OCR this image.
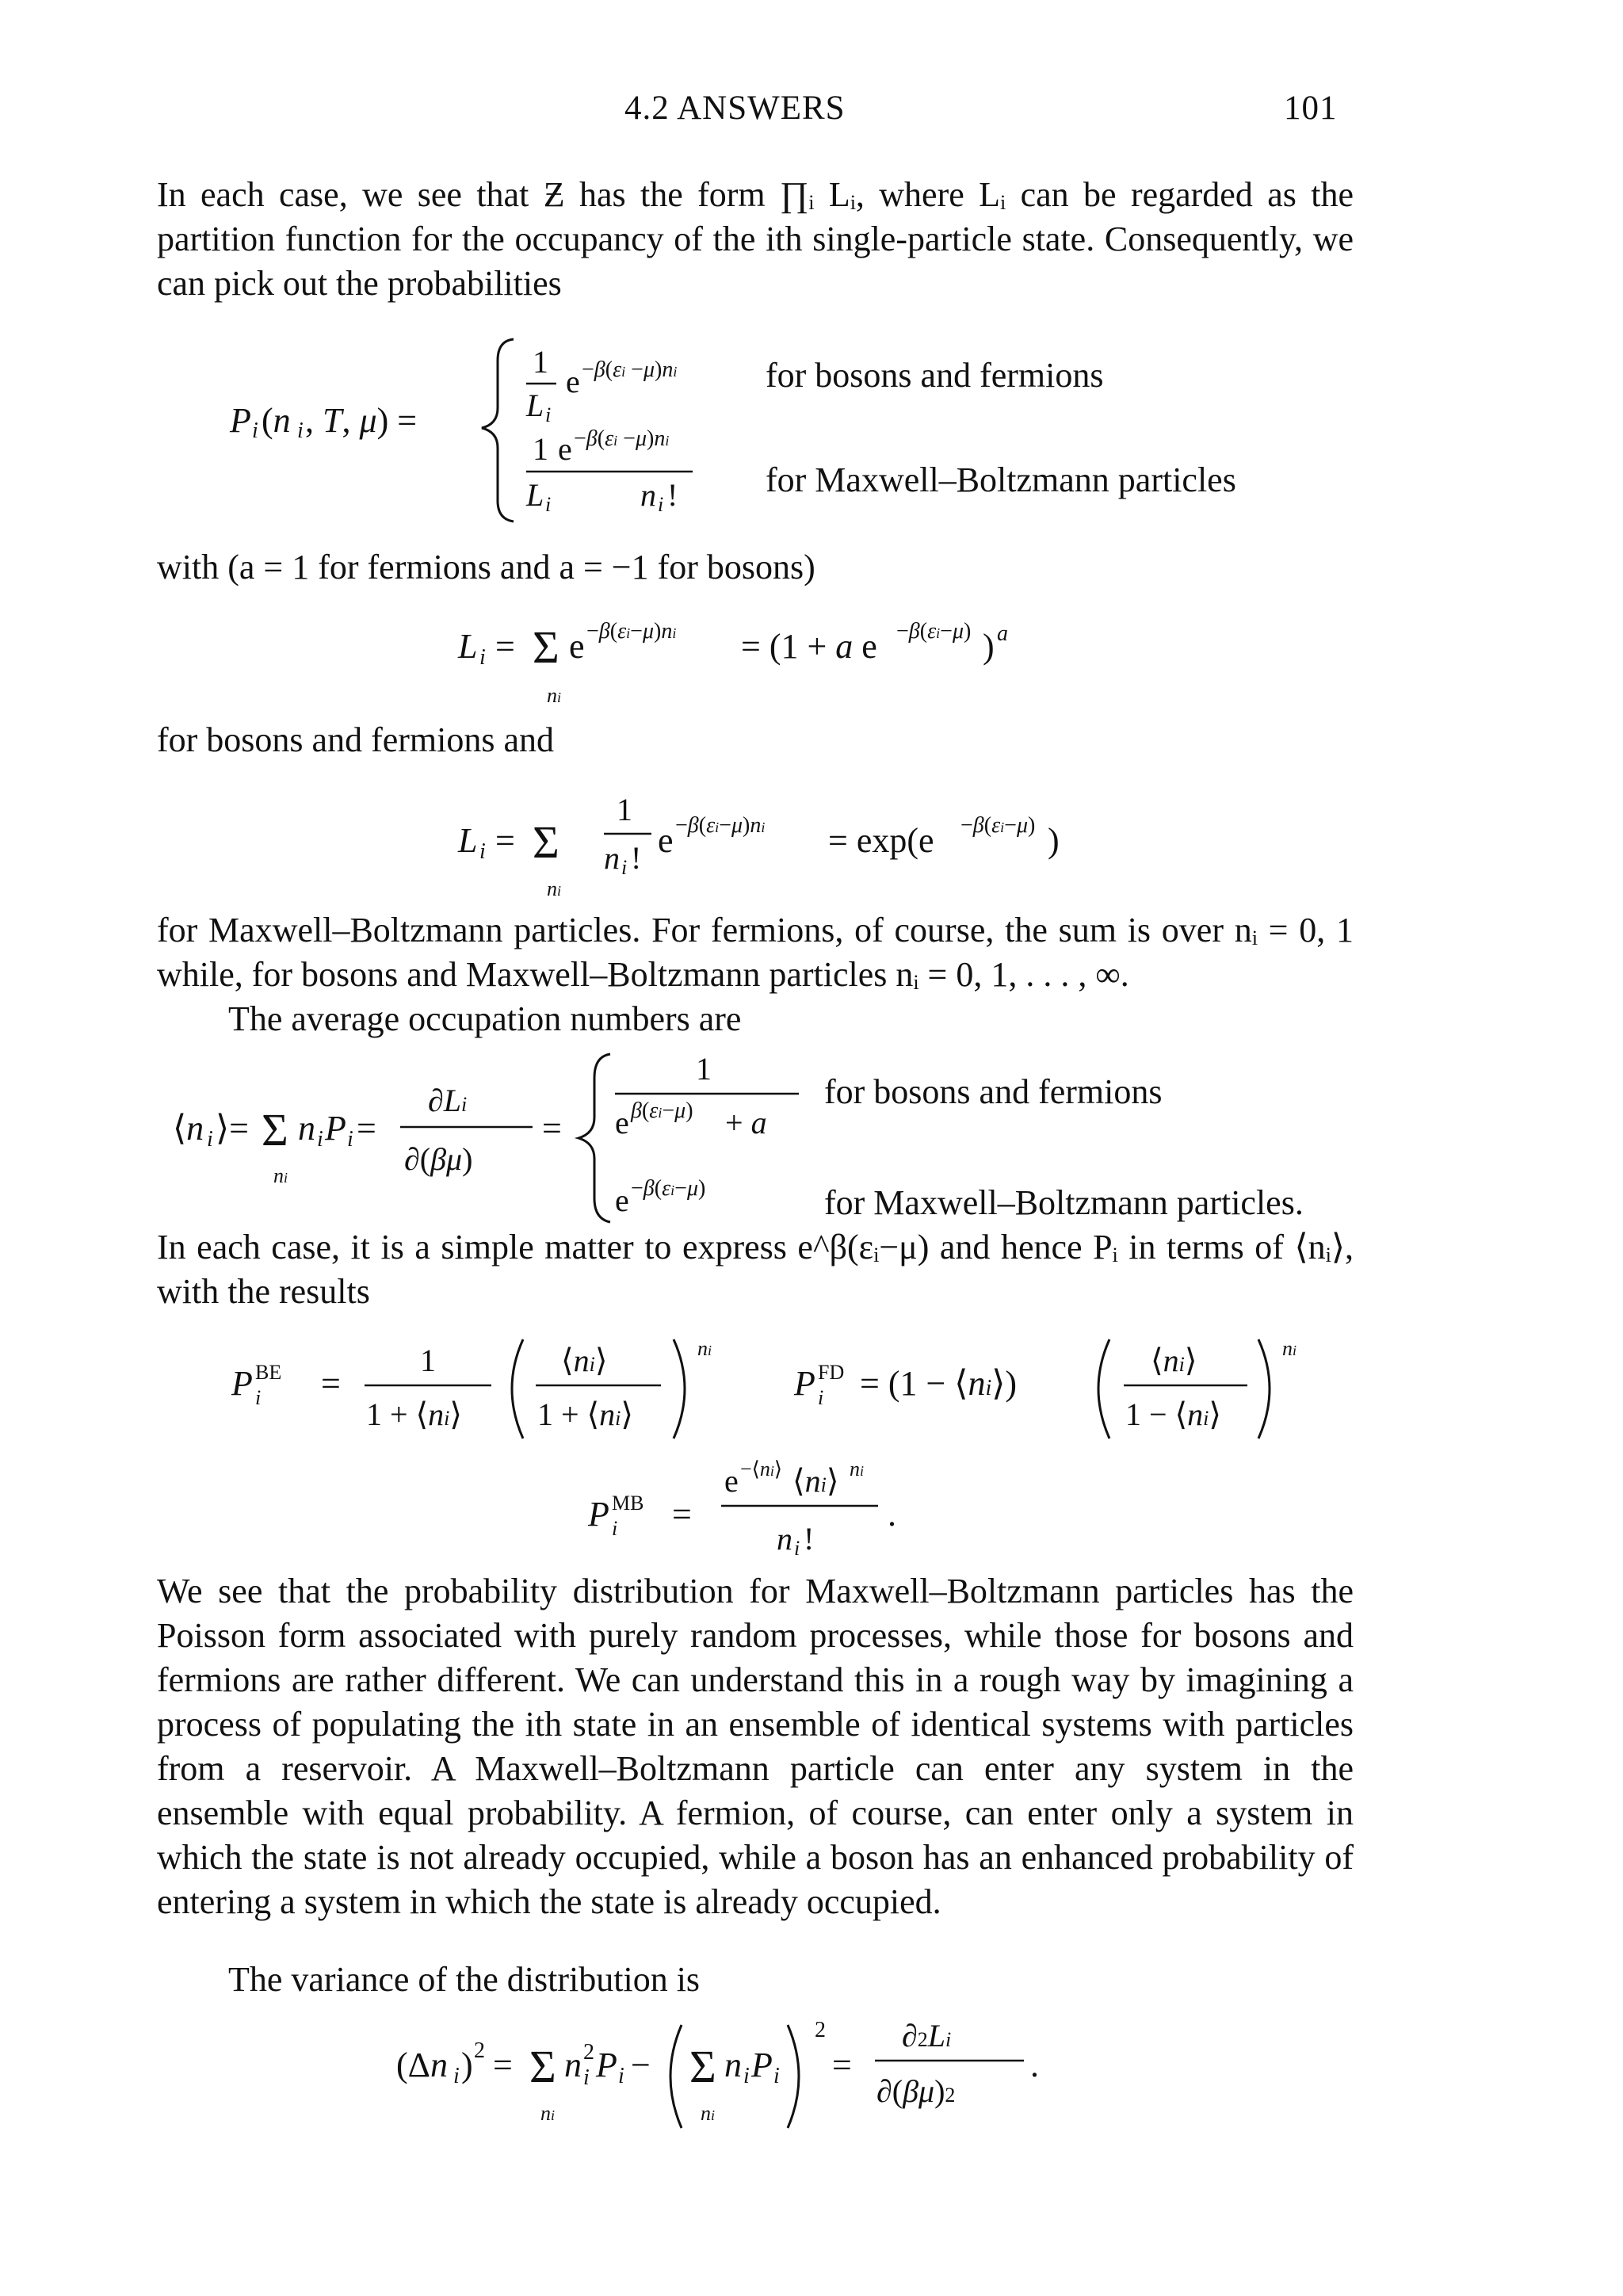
4.2 ANSWERS	101
In each case, we see that Ƶ has the form ∏ᵢ Lᵢ, where Lᵢ can be regarded as the partition function for the occupancy of the ith single-particle state. Consequently, we can pick out the probabilities
P i (n i , T, μ) =
1
L i
e −β(εi −μ)ni
1 e −β(εi −μ)ni
L i	n i !
L i = Σ
ni
e −β(εi−μ)ni = (1 + a e −β(εi−μ) ) a
L i = Σ
ni
1
n i ! e −β(εi−μ)ni = exp(e −β(εi−μ) )
⟨n i ⟩= Σ
ni
n i P i =
∂Li
∂(βμ)
=
1
e β(εi−μ) + a
e −β(εi−μ)
P BE
i =
1
1 + ⟨ni⟩
⟨ni⟩
1 + ⟨ni⟩
ni
P FD
i = (1 − ⟨ni⟩)
⟨ni⟩
1 − ⟨ni⟩
ni
P MB
i =
e −⟨ni⟩ ⟨ni⟩ ni
n i !
.
(Δn i ) 2 = Σ
ni
n 2
i P i − Σ
ni
n i P i
2
=
∂2Li
∂(βμ)2
.
for bosons and fermions
for Maxwell–Boltzmann particles
with (a = 1 for fermions and a = −1 for bosons)
for bosons and fermions and
for Maxwell–Boltzmann particles. For fermions, of course, the sum is over nᵢ = 0, 1 while, for bosons and Maxwell–Boltzmann particles nᵢ = 0, 1, . . . , ∞.
The average occupation numbers are
for bosons and fermions
for Maxwell–Boltzmann particles.
In each case, it is a simple matter to express e^β(εᵢ−μ) and hence Pᵢ in terms of ⟨nᵢ⟩, with the results
We see that the probability distribution for Maxwell–Boltzmann particles has the Poisson form associated with purely random processes, while those for bosons and fermions are rather different. We can understand this in a rough way by imagining a process of populating the ith state in an ensemble of identical systems with particles from a reservoir. A Maxwell–Boltzmann particle can enter any system in the ensemble with equal probability. A fermion, of course, can enter only a system in which the state is not already occupied, while a boson has an enhanced probability of entering a system in which the state is already occupied.
The variance of the distribution is
